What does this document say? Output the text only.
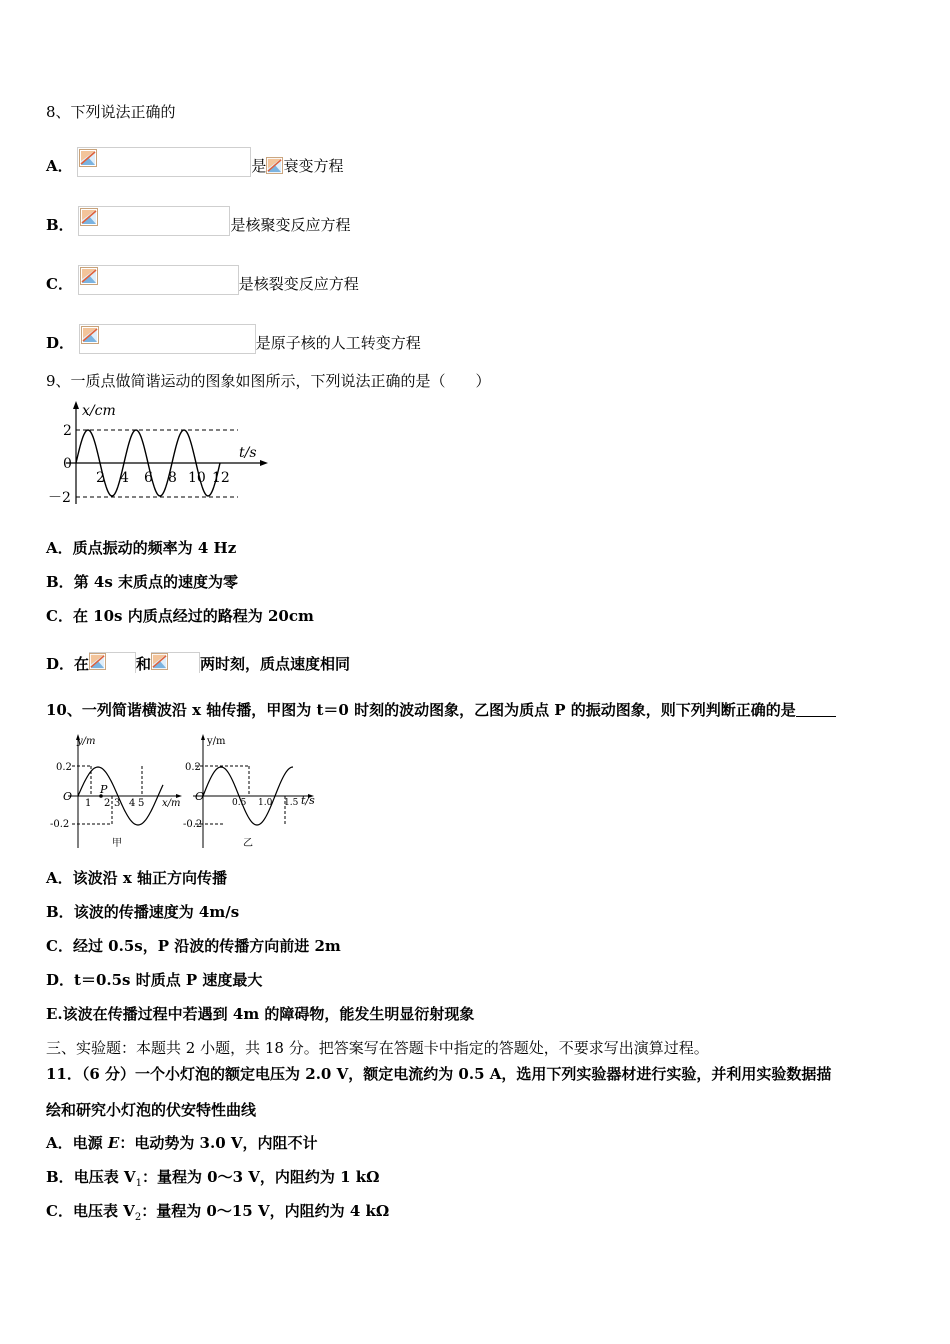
8、下列说法正确的
A．	是 衰变方程
B．	是核聚变反应方程
C．	是核裂变反应方程
D．	是原子核的人工转变方程
9、一质点做简谐运动的图象如图所示，下列说法正确的是（　　）
x/cm
t/s
2
0
－2
2 4 6 8 10 12
A．质点振动的频率为 4 Hz
B．第 4s 末质点的速度为零
C．在 10s 内质点经过的路程为 20cm
D．在	和	两时刻，质点速度相同
10、一列简谐横波沿 x 轴传播，甲图为 t＝0 时刻的波动图象，乙图为质点 P 的振动图象，则下列判断正确的是
y/m
x/m
0.2
-0.2
O
P
1 2 3 4 5
甲
y/m
t/s
0.2
-0.2
O	0.5 1.0 1.5
乙
A．该波沿 x 轴正方向传播
B．该波的传播速度为 4m/s
C．经过 0.5s，P 沿波的传播方向前进 2m
D．t＝0.5s 时质点 P 速度最大
E.该波在传播过程中若遇到 4m 的障碍物，能发生明显衍射现象
三、实验题：本题共 2 小题，共 18 分。把答案写在答题卡中指定的答题处，不要求写出演算过程。
11．（6 分）一个小灯泡的额定电压为 2.0 V，额定电流约为 0.5 A，选用下列实验器材进行实验，并利用实验数据描
绘和研究小灯泡的伏安特性曲线
A．电源 E：电动势为 3.0 V，内阻不计
B．电压表 $V_1$：量程为 0～3 V，内阻约为 1 kΩ
C．电压表 $V_2$：量程为 0～15 V，内阻约为 4 kΩ
